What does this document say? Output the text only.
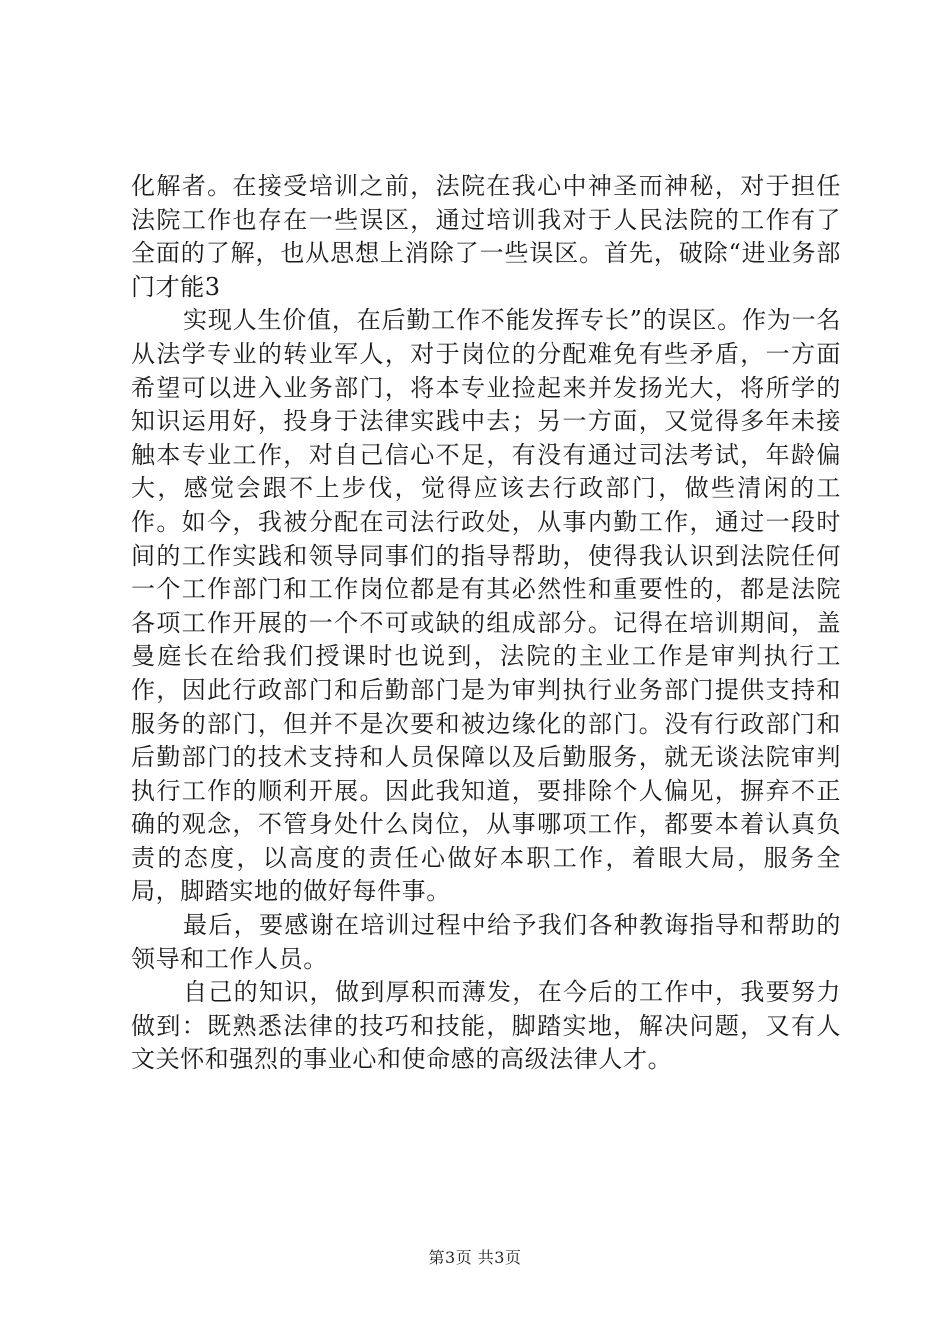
化解者。在接受培训之前，法院在我心中神圣而神秘，对于担任法院工作也存在一些误区，通过培训我对于人民法院的工作有了全面的了解，也从思想上消除了一些误区。首先，破除“进业务部门才能3

实现人生价值，在后勤工作不能发挥专长”的误区。作为一名从法学专业的转业军人，对于岗位的分配难免有些矛盾，一方面希望可以进入业务部门，将本专业捡起来并发扬光大，将所学的知识运用好，投身于法律实践中去；另一方面，又觉得多年未接触本专业工作，对自己信心不足，有没有通过司法考试，年龄偏大，感觉会跟不上步伐，觉得应该去行政部门，做些清闲的工作。如今，我被分配在司法行政处，从事内勤工作，通过一段时间的工作实践和领导同事们的指导帮助，使得我认识到法院任何一个工作部门和工作岗位都是有其必然性和重要性的，都是法院各项工作开展的一个不可或缺的组成部分。记得在培训期间，盖曼庭长在给我们授课时也说到，法院的主业工作是审判执行工作，因此行政部门和后勤部门是为审判执行业务部门提供支持和服务的部门，但并不是次要和被边缘化的部门。没有行政部门和后勤部门的技术支持和人员保障以及后勤服务，就无谈法院审判执行工作的顺利开展。因此我知道，要排除个人偏见，摒弃不正确的观念，不管身处什么岗位，从事哪项工作，都要本着认真负责的态度，以高度的责任心做好本职工作，着眼大局，服务全局，脚踏实地的做好每件事。

最后，要感谢在培训过程中给予我们各种教诲指导和帮助的领导和工作人员。

自己的知识，做到厚积而薄发，在今后的工作中，我要努力做到：既熟悉法律的技巧和技能，脚踏实地，解决问题，又有人文关怀和强烈的事业心和使命感的高级法律人才。

第3页 共3页
